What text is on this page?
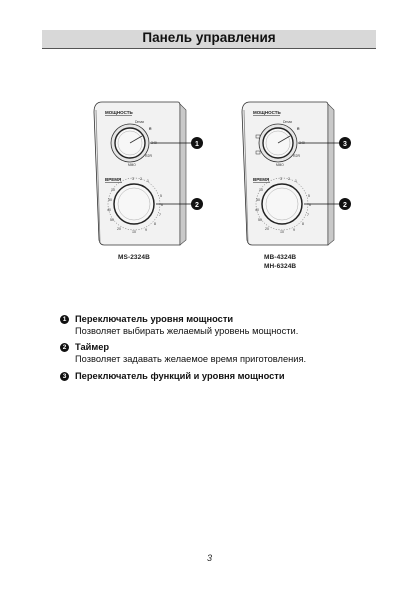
Панель управления
МОЩНОСТЬ
Dmax
R
340
R2R
MMO
1
ВРЕМЯ	3 2 1
30
40
50
10
20
5
6
7
8
9
10
2
МОЩНОСТЬ
Dmax
R
340
R2R
MMO
3
ВРЕМЯ	3 2 1
30
40
50
10
20
5
6
7
8
9
10
2
MS-2324B	MB-4324B
MH-6324B
1 Переключатель уровня мощности
Позволяет выбирать желаемый уровень мощности.
2 Таймер
Позволяет задавать желаемое время приготовления.
3 Переключатель функций и уровня мощности
3
